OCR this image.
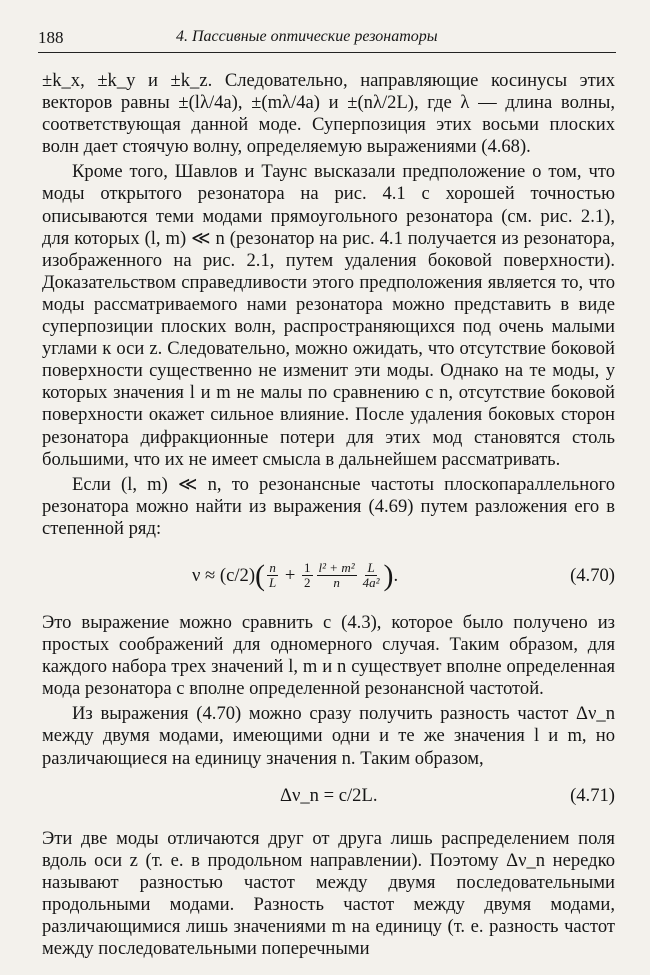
188	4. Пассивные оптические резонаторы

±k_x, ±k_y и ±k_z. Следовательно, направляющие косинусы этих векторов равны ±(lλ/4a), ±(mλ/4a) и ±(nλ/2L), где λ — длина волны, соответствующая данной моде. Суперпозиция этих восьми плоских волн дает стоячую волну, определяемую выражениями (4.68).

Кроме того, Шавлов и Таунс высказали предположение о том, что моды открытого резонатора на рис. 4.1 с хорошей точностью описываются теми модами прямоугольного резонатора (см. рис. 2.1), для которых (l, m) ≪ n (резонатор на рис. 4.1 получается из резонатора, изображенного на рис. 2.1, путем удаления боковой поверхности). Доказательством справедливости этого предположения является то, что моды рассматриваемого нами резонатора можно представить в виде суперпозиции плоских волн, распространяющихся под очень малыми углами к оси z. Следовательно, можно ожидать, что отсутствие боковой поверхности существенно не изменит эти моды. Однако на те моды, у которых значения l и m не малы по сравнению с n, отсутствие боковой поверхности окажет сильное влияние. После удаления боковых сторон резонатора дифракционные потери для этих мод становятся столь большими, что их не имеет смысла в дальнейшем рассматривать.

Если (l, m) ≪ n, то резонансные частоты плоскопараллельного резонатора можно найти из выражения (4.69) путем разложения его в степенной ряд:

ν ≈ (c/2) ( $\frac{n}{L} + \frac{1}{2} \frac{\text{l² + m²}}{n} \frac{L}{\text{4a²}}$ ) .	(4.70)

Это выражение можно сравнить с (4.3), которое было получено из простых соображений для одномерного случая. Таким образом, для каждого набора трех значений l, m и n существует вполне определенная мода резонатора с вполне определенной резонансной частотой.

Из выражения (4.70) можно сразу получить разность частот Δν_n между двумя модами, имеющими одни и те же значения l и m, но различающиеся на единицу значения n. Таким образом,

Δν_n = c/2L.	(4.71)

Эти две моды отличаются друг от друга лишь распределением поля вдоль оси z (т. е. в продольном направлении). Поэтому Δν_n нередко называют разностью частот между двумя последовательными продольными модами. Разность частот между двумя модами, различающимися лишь значениями m на единицу (т. е. разность частот между последовательными поперечными
